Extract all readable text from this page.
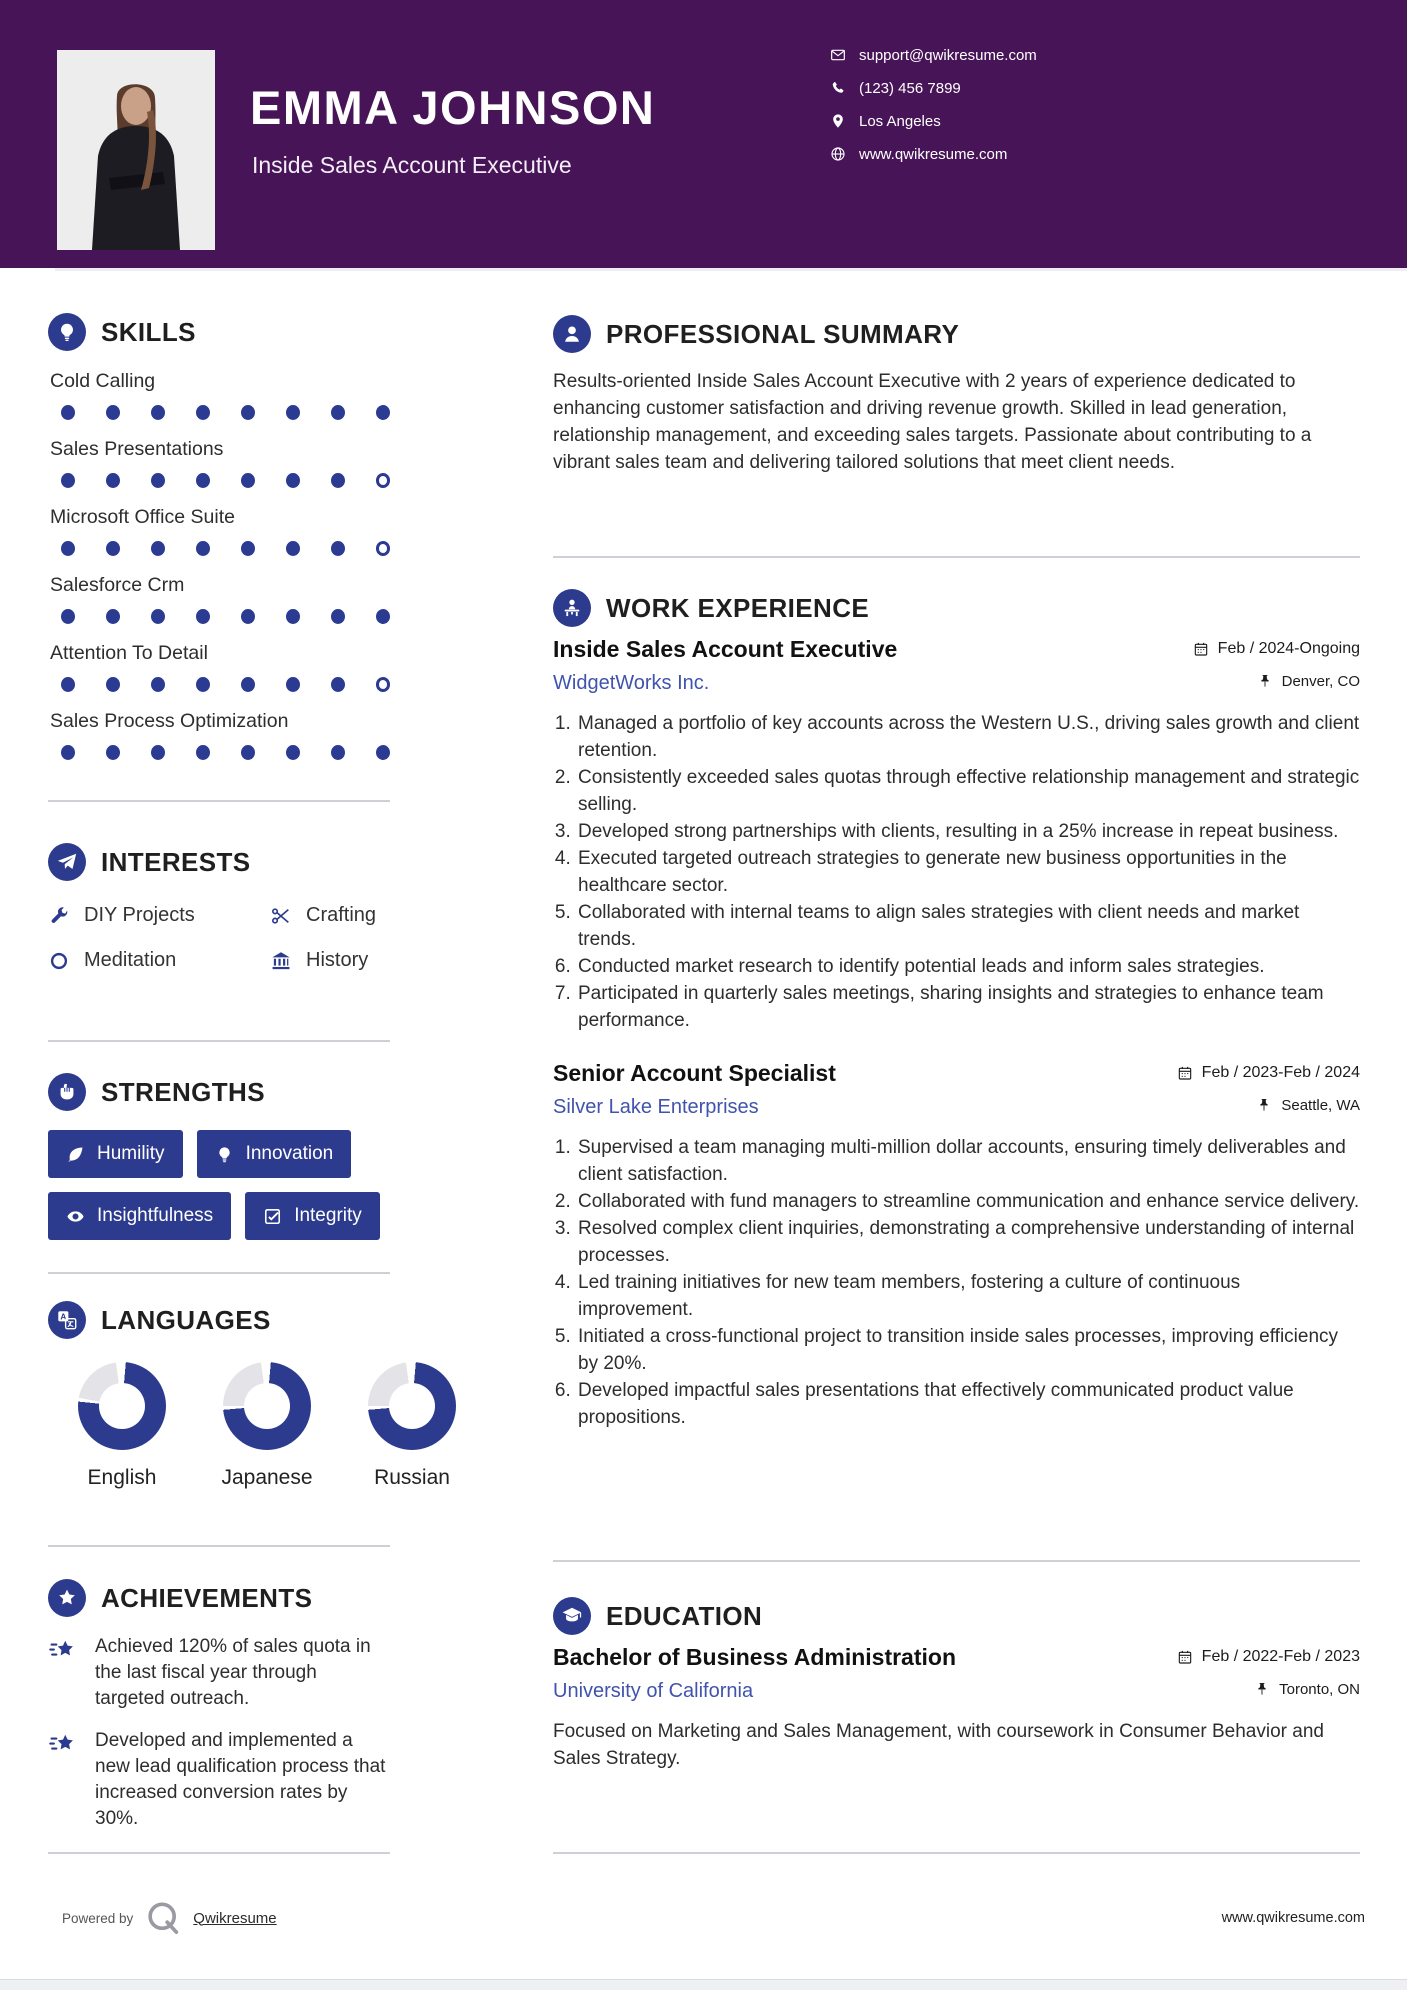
EMMA JOHNSON
Inside Sales Account Executive
support@qwikresume.com
(123) 456 7899
Los Angeles
www.qwikresume.com
SKILLS
Cold Calling
Sales Presentations
Microsoft Office Suite
Salesforce Crm
Attention To Detail
Sales Process Optimization
INTERESTS
DIY Projects	Crafting
Meditation	History
STRENGTHS
Humility	Innovation
Insightfulness	Integrity
A LANGUAGES
English	Japanese	Russian
ACHIEVEMENTS
Achieved 120% of sales quota in the last fiscal year through targeted outreach.
Developed and implemented a new lead qualification process that increased conversion rates by 30%.
PROFESSIONAL SUMMARY
Results-oriented Inside Sales Account Executive with 2 years of experience dedicated to enhancing customer satisfaction and driving revenue growth. Skilled in lead generation, relationship management, and exceeding sales targets. Passionate about contributing to a vibrant sales team and delivering tailored solutions that meet client needs.
WORK EXPERIENCE
Inside Sales Account Executive	Feb / 2024-Ongoing
WidgetWorks Inc.	Denver, CO
1. Managed a portfolio of key accounts across the Western U.S., driving sales growth and client retention.
2. Consistently exceeded sales quotas through effective relationship management and strategic selling.
3. Developed strong partnerships with clients, resulting in a 25% increase in repeat business.
4. Executed targeted outreach strategies to generate new business opportunities in the healthcare sector.
5. Collaborated with internal teams to align sales strategies with client needs and market trends.
6. Conducted market research to identify potential leads and inform sales strategies.
7. Participated in quarterly sales meetings, sharing insights and strategies to enhance team performance.
Senior Account Specialist	Feb / 2023-Feb / 2024
Silver Lake Enterprises	Seattle, WA
1. Supervised a team managing multi-million dollar accounts, ensuring timely deliverables and client satisfaction.
2. Collaborated with fund managers to streamline communication and enhance service delivery.
3. Resolved complex client inquiries, demonstrating a comprehensive understanding of internal processes.
4. Led training initiatives for new team members, fostering a culture of continuous improvement.
5. Initiated a cross-functional project to transition inside sales processes, improving efficiency by 20%.
6. Developed impactful sales presentations that effectively communicated product value propositions.
EDUCATION
Bachelor of Business Administration	Feb / 2022-Feb / 2023
University of California	Toronto, ON
Focused on Marketing and Sales Management, with coursework in Consumer Behavior and Sales Strategy.
Powered by	Qwikresume	www.qwikresume.com
